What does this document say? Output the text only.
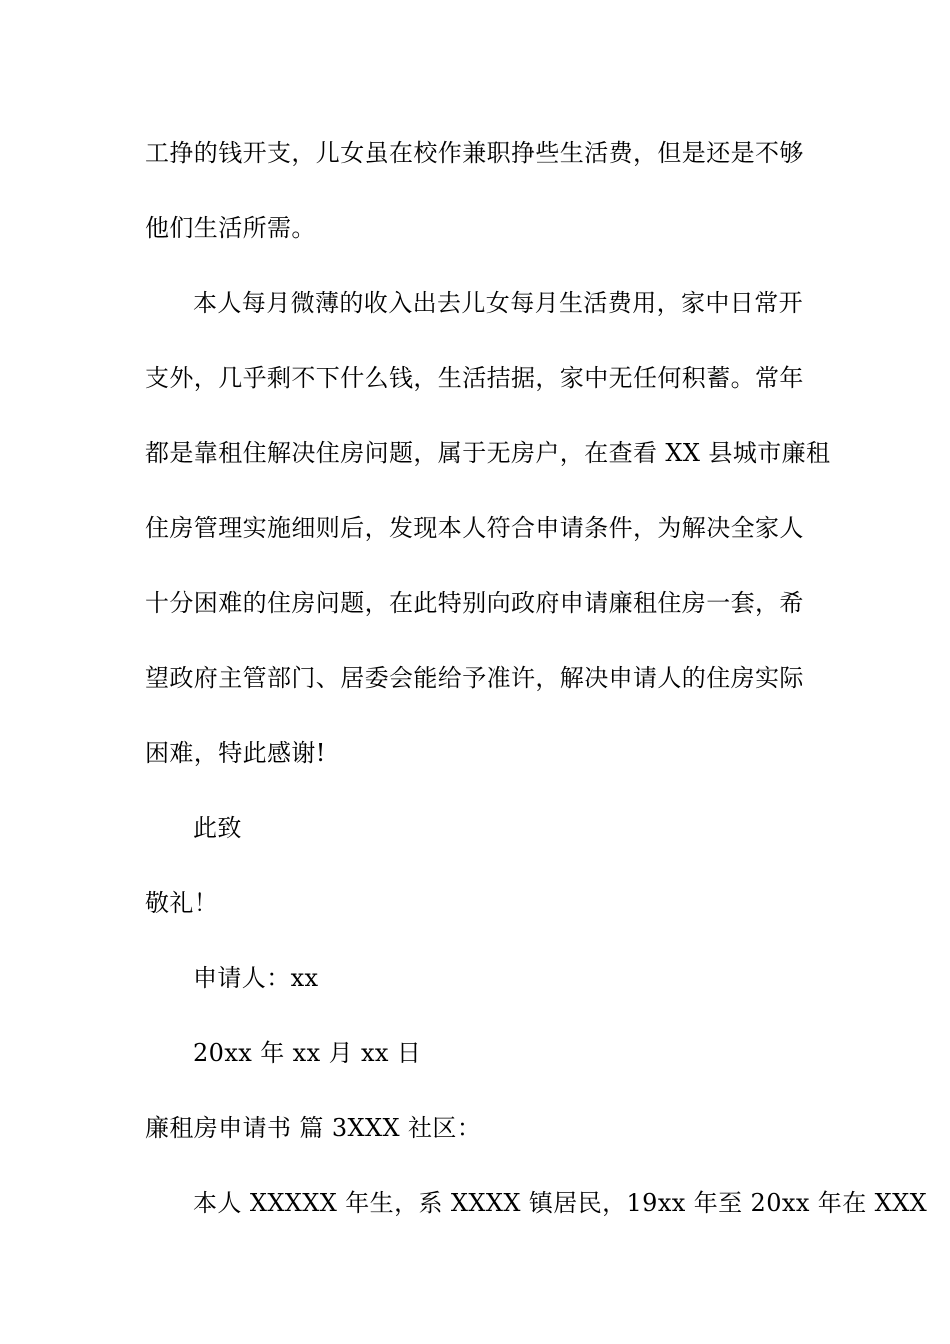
工挣的钱开支，儿女虽在校作兼职挣些生活费，但是还是不够
他们生活所需。
本人每月微薄的收入出去儿女每月生活费用，家中日常开
支外，几乎剩不下什么钱，生活拮据，家中无任何积蓄。常年
都是靠租住解决住房问题，属于无房户，在查看 XX 县城市廉租
住房管理实施细则后，发现本人符合申请条件，为解决全家人
十分困难的住房问题，在此特别向政府申请廉租住房一套，希
望政府主管部门、居委会能给予准许，解决申请人的住房实际
困难，特此感谢!
此致
敬礼！
申请人：xx
20xx 年 xx 月 xx 日
廉租房申请书 篇 3XXX 社区：
本人 XXXXX 年生，系 XXXX 镇居民，19xx 年至 20xx 年在 XXX
